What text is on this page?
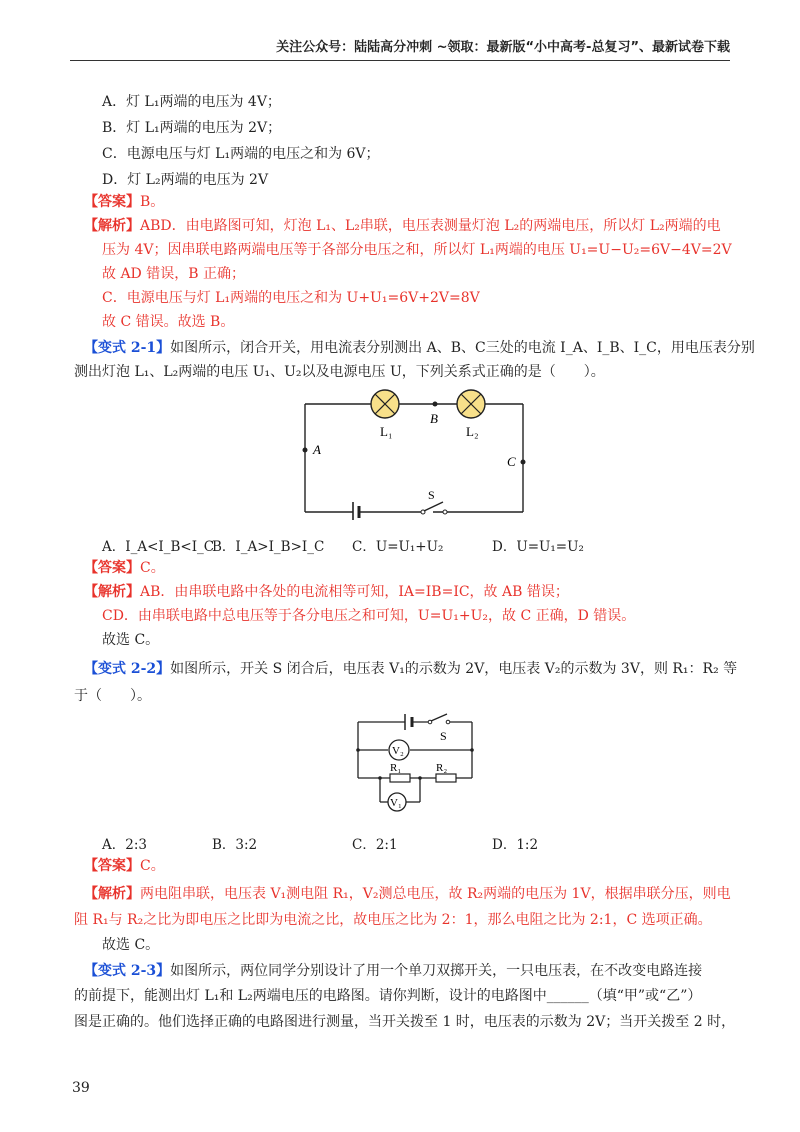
关注公众号：陆陆高分冲刺 ~领取：最新版“小中高考-总复习”、最新试卷下载
A．灯 L₁两端的电压为 4V；
B．灯 L₁两端的电压为 2V；
C．电源电压与灯 L₁两端的电压之和为 6V；
D．灯 L₂两端的电压为 2V
【答案】B。
【解析】ABD．由电路图可知，灯泡 L₁、L₂串联，电压表测量灯泡 L₂的两端电压，所以灯 L₂两端的电
压为 4V；因串联电路两端电压等于各部分电压之和，所以灯 L₁两端的电压 U₁=U−U₂=6V−4V=2V
故 AD 错误，B 正确；
C．电源电压与灯 L₁两端的电压之和为 U+U₁=6V+2V=8V
故 C 错误。故选 B。
【变式 2-1】如图所示，闭合开关，用电流表分别测出 A、B、C三处的电流 I_A、I_B、I_C，用电压表分别
测出灯泡 L₁、L₂两端的电压 U₁、U₂以及电源电压 U，下列关系式正确的是（　　）。
L₁	L₂
B
A
C
S
A．I_A<I_B<I_C
B．I_A>I_B>I_C C．U=U₁+U₂	D．U=U₁=U₂
【答案】C。
【解析】AB．由串联电路中各处的电流相等可知，IA=IB=IC，故 AB 错误；
CD．由串联电路中总电压等于各分电压之和可知，U=U₁+U₂，故 C 正确，D 错误。
故选 C。
【变式 2-2】如图所示，开关 S 闭合后，电压表 V₁的示数为 2V，电压表 V₂的示数为 3V，则 R₁：R₂ 等
于（　　）。
S
V₂
R₁	R₂
V₁
A．2:3	B．3:2	C．2:1	D．1:2
【答案】C。
【解析】两电阻串联，电压表 V₁测电阻 R₁，V₂测总电压，故 R₂两端的电压为 1V，根据串联分压，则电
阻 R₁与 R₂之比为即电压之比即为电流之比，故电压之比为 2：1，那么电阻之比为 2:1，C 选项正确。
故选 C。
【变式 2-3】如图所示，两位同学分别设计了用一个单刀双掷开关，一只电压表，在不改变电路连接
的前提下，能测出灯 L₁和 L₂两端电压的电路图。请你判断，设计的电路图中______（填“甲”或“乙”）
图是正确的。他们选择正确的电路图进行测量，当开关拨至 1 时，电压表的示数为 2V；当开关拨至 2 时，
39
